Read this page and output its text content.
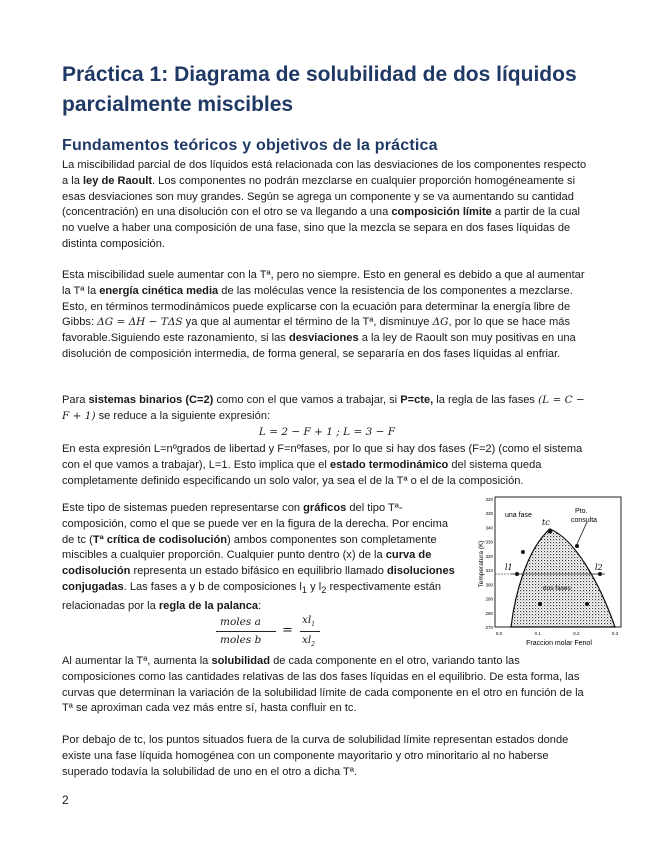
Práctica 1: Diagrama de solubilidad de dos líquidos parcialmente miscibles
Fundamentos teóricos y objetivos de la práctica
La miscibilidad parcial de dos líquidos está relacionada con las desviaciones de los componentes respecto a la ley de Raoult. Los componentes no podrán mezclarse en cualquier proporción homogéneamente si esas desviaciones son muy grandes. Según se agrega un componente y se va aumentando su cantidad (concentración) en una disolución con el otro se va llegando a una composición límite a partir de la cual no vuelve a haber una composición de una fase, sino que la mezcla se separa en dos fases líquidas de distinta composición.
Esta miscibilidad suele aumentar con la Tª, pero no siempre. Esto en general es debido a que al aumentar la Tª la energía cinética media de las moléculas vence la resistencia de los componentes a mezclarse. Esto, en términos termodinámicos puede explicarse con la ecuación para determinar la energía libre de Gibbs: ΔG = ΔH − TΔS ya que al aumentar el término de la Tª, disminuye ΔG, por lo que se hace más favorable.Siguiendo este razonamiento, si las desviaciones a la ley de Raoult son muy positivas en una disolución de composición intermedia, de forma general, se separaría en dos fases líquidas al enfriar.
Para sistemas binarios (C=2) como con el que vamos a trabajar, si P=cte, la regla de las fases (L = C − F + 1) se reduce a la siguiente expresión:
L = 2 − F + 1 ; L = 3 − F
En esta expresión L=nºgrados de libertad y F=nºfases, por lo que si hay dos fases (F=2) (como el sistema con el que vamos a trabajar), L=1. Esto implica que el estado termodinámico del sistema queda completamente definido especificando un solo valor, ya sea el de la Tª o el de la composición.
Este tipo de sistemas pueden representarse con gráficos del tipo Tª-composición, como el que se puede ver en la figura de la derecha. Por encima de tc (Tª crítica de codisolución) ambos componentes son completamente miscibles a cualquier proporción. Cualquier punto dentro (x) de la curva de codisolución representa un estado bifásico en equilibrio llamado disoluciones conjugadas. Las fases a y b de composiciones $l_1$ y $l_2$ respectivamente están relacionadas por la regla de la palanca:
moles a
moles b
=
$xl_1$
$xl_2$
una fase
Pto.
consulta
tc
l1	l2
dos fases
320
330
340
330
320
310
300
290
280
270
0.0	0.1	0.2	0.3
Temperatura (K)
Fraccion molar Fenol
Al aumentar la Tª, aumenta la solubilidad de cada componente en el otro, variando tanto las composiciones como las cantidades relativas de las dos fases líquidas en el equilibrio. De esta forma, las curvas que determinan la variación de la solubilidad límite de cada componente en el otro en función de la Tª se aproximan cada vez más entre sí, hasta confluir en tc.
Por debajo de tc, los puntos situados fuera de la curva de solubilidad límite representan estados donde existe una fase líquida homogénea con un componente mayoritario y otro minoritario al no haberse superado todavía la solubilidad de uno en el otro a dicha Tª.
2
